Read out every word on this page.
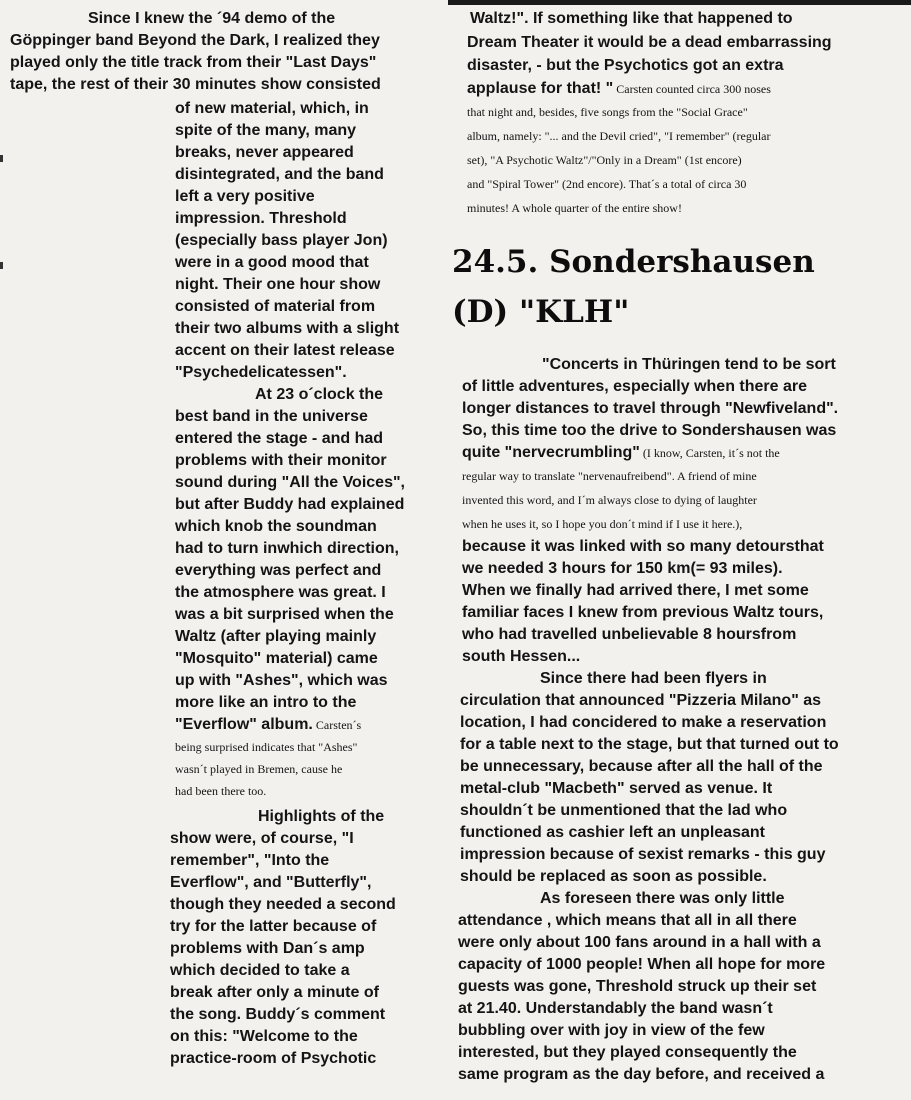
Since I knew the ´94 demo of the
Göppinger band Beyond the Dark, I realized they
played only the title track from their "Last Days"
tape, the rest of their 30 minutes show consisted
of new material, which, in
spite of the many, many
breaks, never appeared
disintegrated, and the band
left a very positive
impression. Threshold
(especially bass player Jon)
were in a good mood that
night. Their one hour show
consisted of material from
their two albums with a slight
accent on their latest release
"Psychedelicatessen".
At 23 o´clock the
best band in the universe
entered the stage - and had
problems with their monitor
sound during "All the Voices",
but after Buddy had explained
which knob the soundman
had to turn inwhich direction,
everything was perfect and
the atmosphere was great. I
was a bit surprised when the
Waltz (after playing mainly
"Mosquito" material) came
up with "Ashes", which was
more like an intro to the
"Everflow" album. Carsten´s
being surprised indicates that "Ashes"
wasn´t played in Bremen, cause he
had been there too.
Highlights of the
show were, of course, "I
remember", "Into the
Everflow", and "Butterfly",
though they needed a second
try for the latter because of
problems with Dan´s amp
which decided to take a
break after only a minute of
the song. Buddy´s comment
on this: "Welcome to the
practice-room of Psychotic
Waltz!". If something like that happened to
Dream Theater it would be a dead embarrassing
disaster, - but the Psychotics got an extra
applause for that! " Carsten counted circa 300 noses
that night and, besides, five songs from the "Social Grace"
album, namely: "... and the Devil cried", "I remember" (regular
set), "A Psychotic Waltz"/"Only in a Dream" (1st encore)
and "Spiral Tower" (2nd encore). That´s a total of circa 30
minutes! A whole quarter of the entire show!
24.5. Sondershausen
(D) "KLH"
"Concerts in Thüringen tend to be sort
of little adventures, especially when there are
longer distances to travel through "Newfiveland".
So, this time too the drive to Sondershausen was
quite "nervecrumbling" (I know, Carsten, it´s not the
regular way to translate "nervenaufreibend". A friend of mine
invented this word, and I´m always close to dying of laughter
when he uses it, so I hope you don´t mind if I use it here.),
because it was linked with so many detoursthat
we needed 3 hours for 150 km(= 93 miles).
When we finally had arrived there, I met some
familiar faces I knew from previous Waltz tours,
who had travelled unbelievable 8 hoursfrom
south Hessen...
Since there had been flyers in
circulation that announced "Pizzeria Milano" as
location, I had concidered to make a reservation
for a table next to the stage, but that turned out to
be unnecessary, because after all the hall of the
metal-club "Macbeth" served as venue. It
shouldn´t be unmentioned that the lad who
functioned as cashier left an unpleasant
impression because of sexist remarks - this guy
should be replaced as soon as possible.
As foreseen there was only little
attendance , which means that all in all there
were only about 100 fans around in a hall with a
capacity of 1000 people! When all hope for more
guests was gone, Threshold struck up their set
at 21.40. Understandably the band wasn´t
bubbling over with joy in view of the few
interested, but they played consequently the
same program as the day before, and received a
